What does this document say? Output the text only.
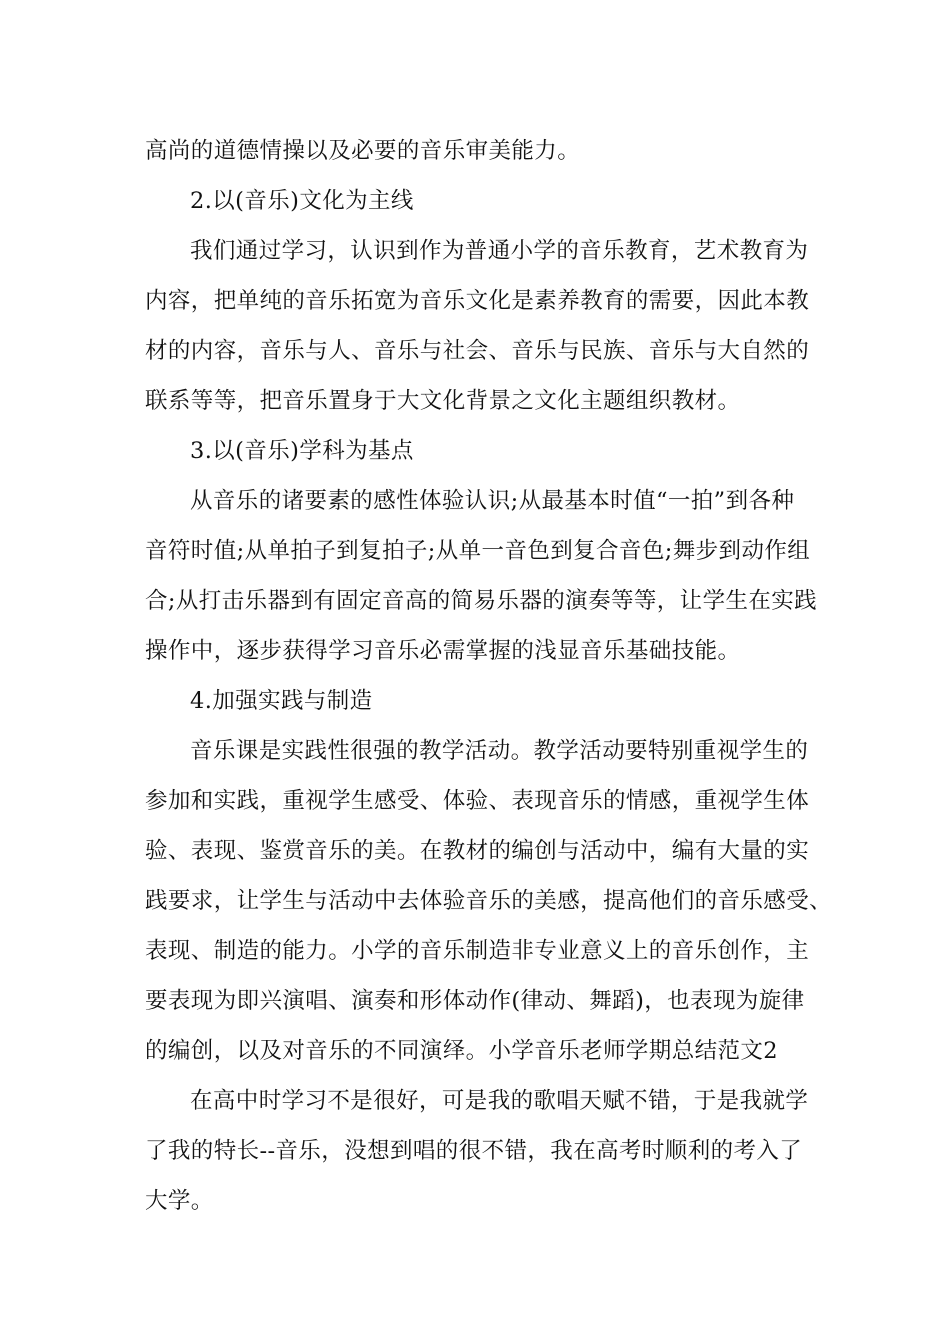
高尚的道德情操以及必要的音乐审美能力。
2.以(音乐)文化为主线
我们通过学习，认识到作为普通小学的音乐教育，艺术教育为
内容，把单纯的音乐拓宽为音乐文化是素养教育的需要，因此本教
材的内容，音乐与人、音乐与社会、音乐与民族、音乐与大自然的
联系等等，把音乐置身于大文化背景之文化主题组织教材。
3.以(音乐)学科为基点
从音乐的诸要素的感性体验认识;从最基本时值“一拍”到各种
音符时值;从单拍子到复拍子;从单一音色到复合音色;舞步到动作组
合;从打击乐器到有固定音高的简易乐器的演奏等等，让学生在实践
操作中，逐步获得学习音乐必需掌握的浅显音乐基础技能。
4.加强实践与制造
音乐课是实践性很强的教学活动。教学活动要特别重视学生的
参加和实践，重视学生感受、体验、表现音乐的情感，重视学生体
验、表现、鉴赏音乐的美。在教材的编创与活动中，编有大量的实
践要求，让学生与活动中去体验音乐的美感，提高他们的音乐感受、
表现、制造的能力。小学的音乐制造非专业意义上的音乐创作，主
要表现为即兴演唱、演奏和形体动作(律动、舞蹈)，也表现为旋律
的编创，以及对音乐的不同演绎。小学音乐老师学期总结范文2
在高中时学习不是很好，可是我的歌唱天赋不错，于是我就学
了我的特长--音乐，没想到唱的很不错，我在高考时顺利的考入了
大学。
